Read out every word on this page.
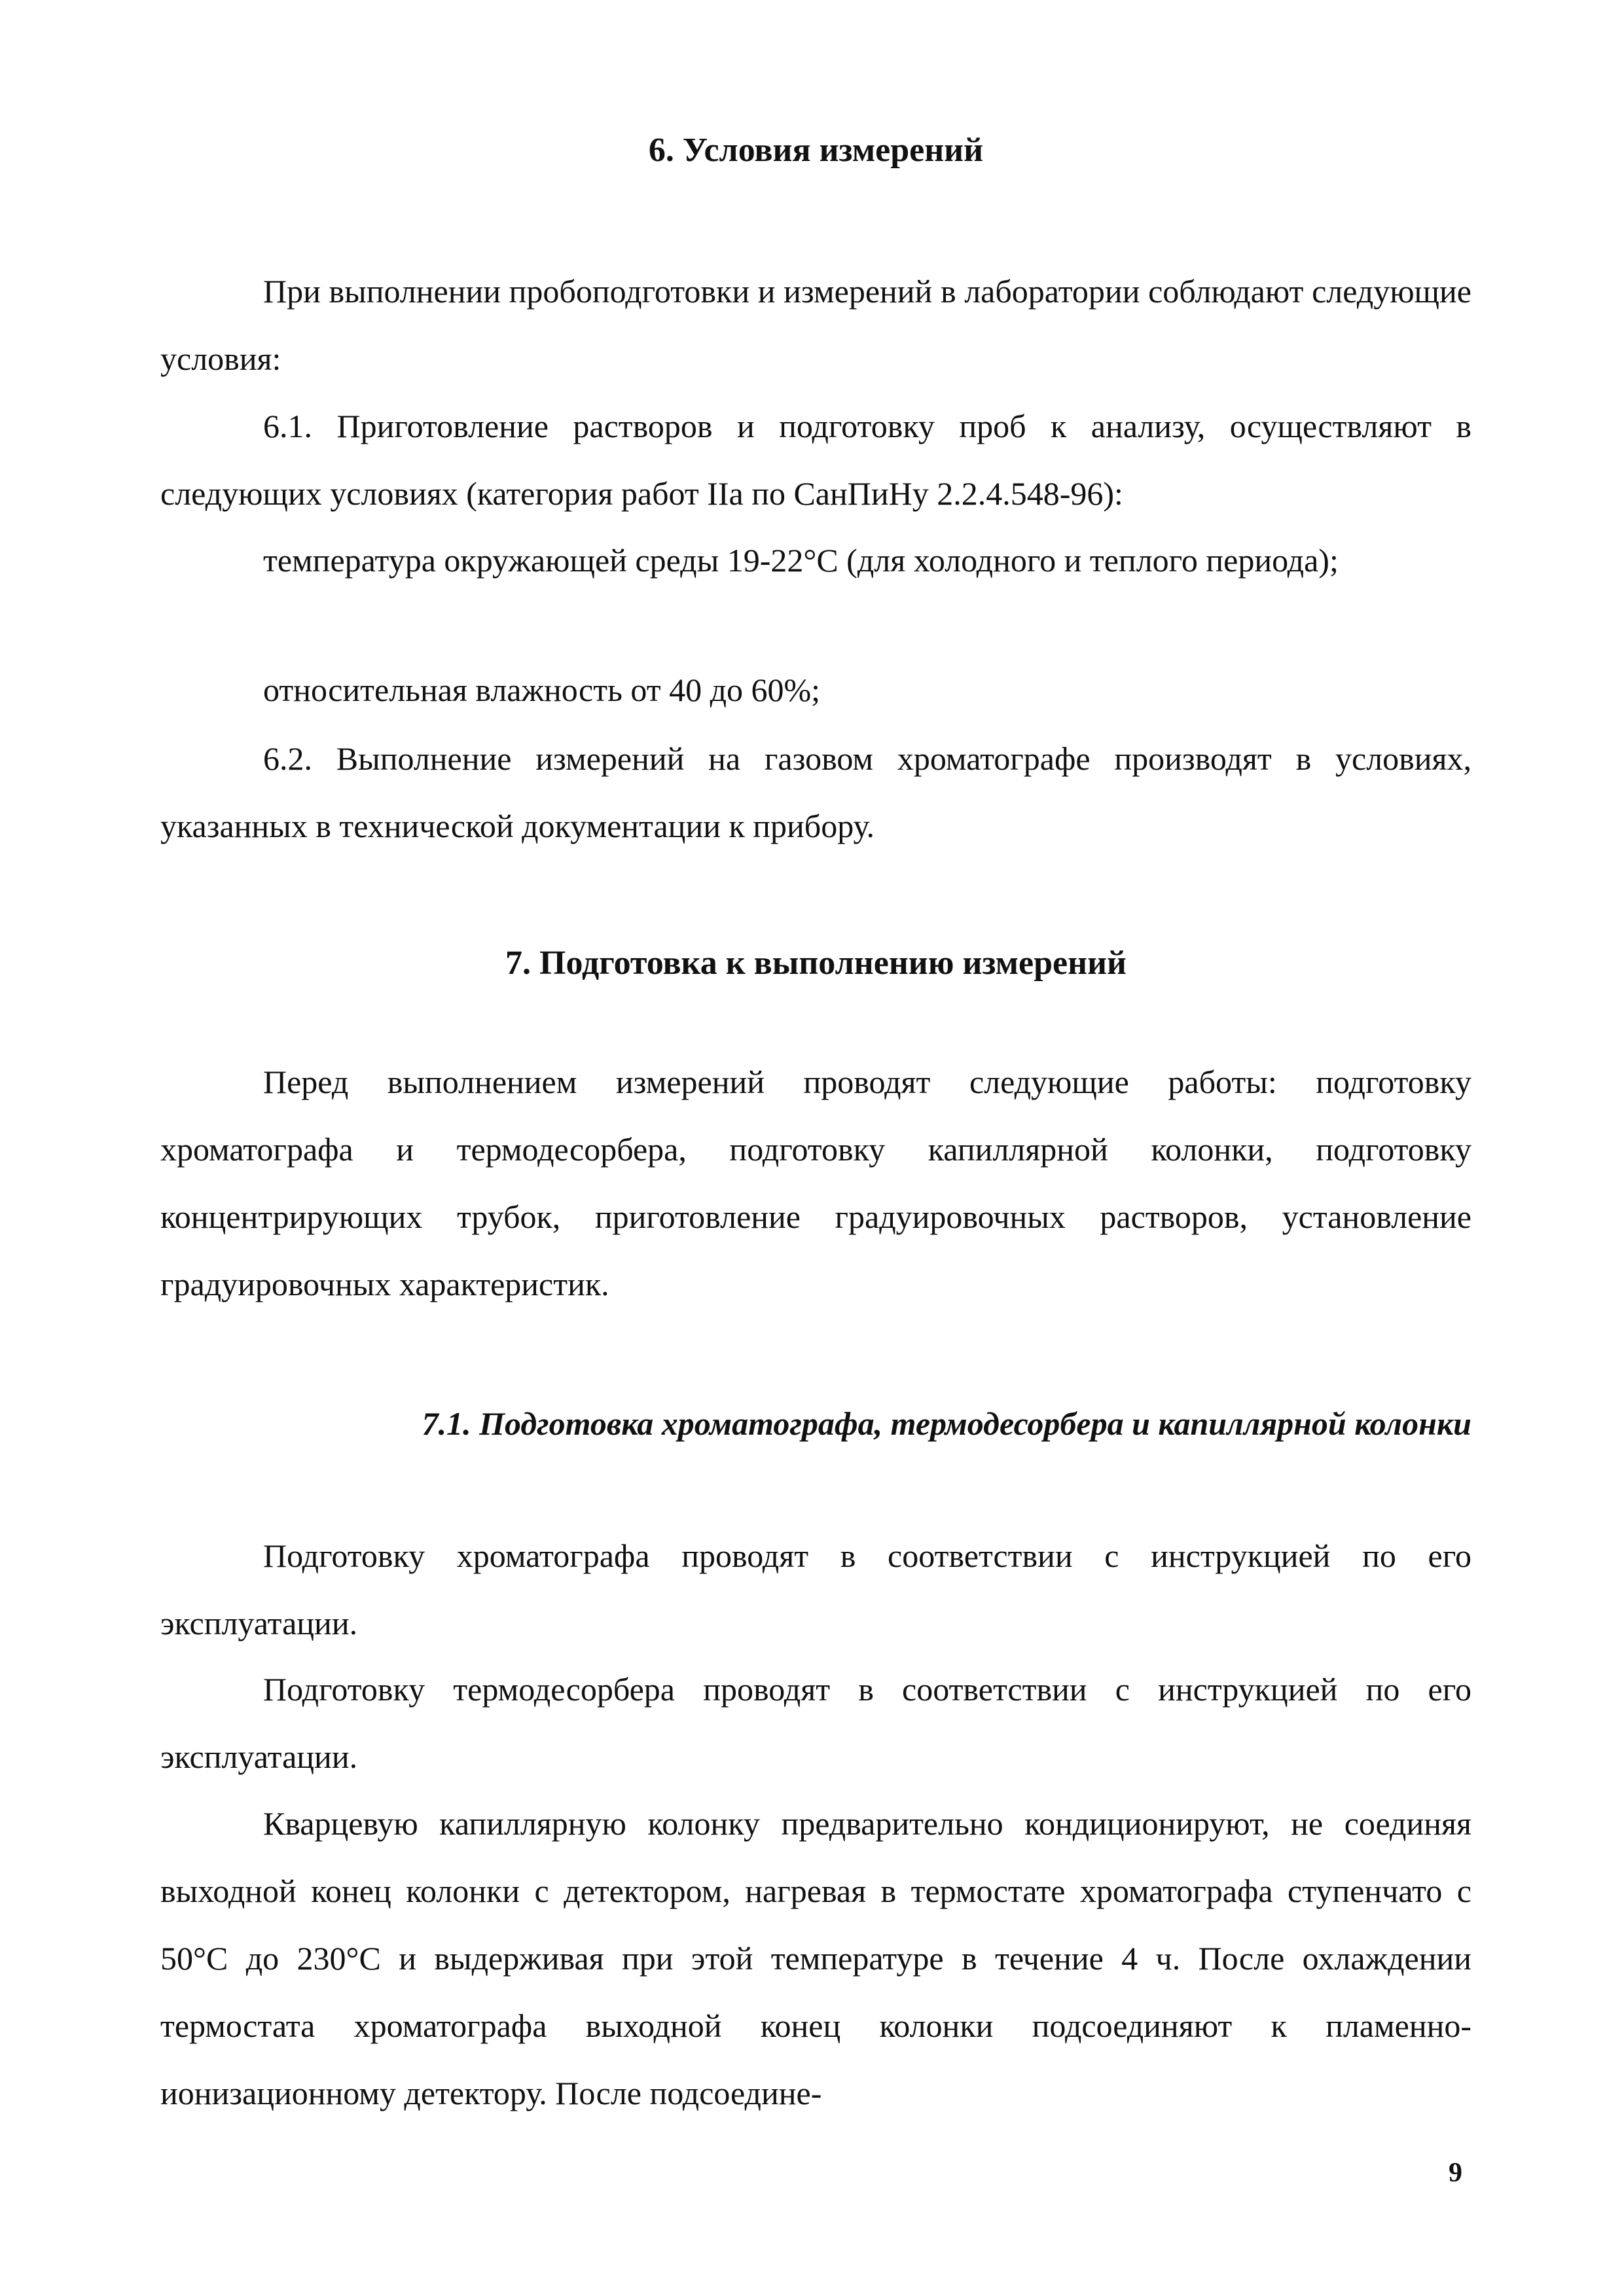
6. Условия измерений

При выполнении пробоподготовки и измерений в лаборатории соблюдают следующие условия:

6.1. Приготовление растворов и подготовку проб к анализу, осуществляют в следующих условиях (категория работ IIа по СанПиНу 2.2.4.548-96):

температура окружающей среды 19-22°С (для холодного и теплого периода);

относительная влажность от 40 до 60%;

6.2. Выполнение измерений на газовом хроматографе производят в условиях, указанных в технической документации к прибору.

7. Подготовка к выполнению измерений

Перед выполнением измерений проводят следующие работы: подготовку хроматографа и термодесорбера, подготовку капиллярной колонки, подготовку концентрирующих трубок, приготовление градуировочных растворов, установление градуировочных характеристик.

7.1. Подготовка хроматографа, термодесорбера и капиллярной колонки

Подготовку хроматографа проводят в соответствии с инструкцией по его эксплуатации.

Подготовку термодесорбера проводят в соответствии с инструкцией по его эксплуатации.

Кварцевую капиллярную колонку предварительно кондиционируют, не соединяя выходной конец колонки с детектором, нагревая в термостате хроматографа ступенчато с 50°С до 230°С и выдерживая при этой температуре в течение 4 ч. После охлаждении термостата хроматографа выходной конец колонки подсоединяют к пламенно-ионизационному детектору. После подсоедине-

9
